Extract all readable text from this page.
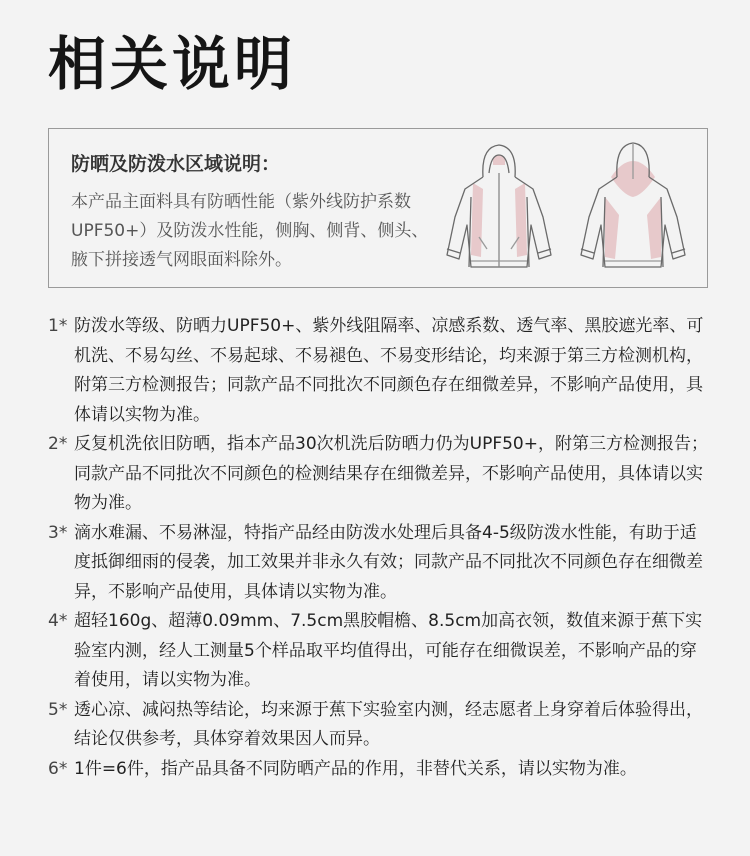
相关说明
防晒及防泼水区域说明：
本产品主面料具有防晒性能（紫外线防护系数UPF50+）及防泼水性能，侧胸、侧背、侧头、腋下拼接透气网眼面料除外。
1* 防泼水等级、防晒力UPF50+、紫外线阻隔率、凉感系数、透气率、黑胶遮光率、可机洗、不易勾丝、不易起球、不易褪色、不易变形结论，均来源于第三方检测机构，附第三方检测报告；同款产品不同批次不同颜色存在细微差异，不影响产品使用，具体请以实物为准。
2* 反复机洗依旧防晒，指本产品30次机洗后防晒力仍为UPF50+，附第三方检测报告；同款产品不同批次不同颜色的检测结果存在细微差异，不影响产品使用，具体请以实物为准。
3* 滴水难漏、不易淋湿，特指产品经由防泼水处理后具备4-5级防泼水性能，有助于适度抵御细雨的侵袭，加工效果并非永久有效；同款产品不同批次不同颜色存在细微差异，不影响产品使用，具体请以实物为准。
4* 超轻160g、超薄0.09mm、7.5cm黑胶帽檐、8.5cm加高衣领，数值来源于蕉下实验室内测，经人工测量5个样品取平均值得出，可能存在细微误差，不影响产品的穿着使用，请以实物为准。
5* 透心凉、减闷热等结论，均来源于蕉下实验室内测，经志愿者上身穿着后体验得出，结论仅供参考，具体穿着效果因人而异。
6* 1件=6件，指产品具备不同防晒产品的作用，非替代关系，请以实物为准。
